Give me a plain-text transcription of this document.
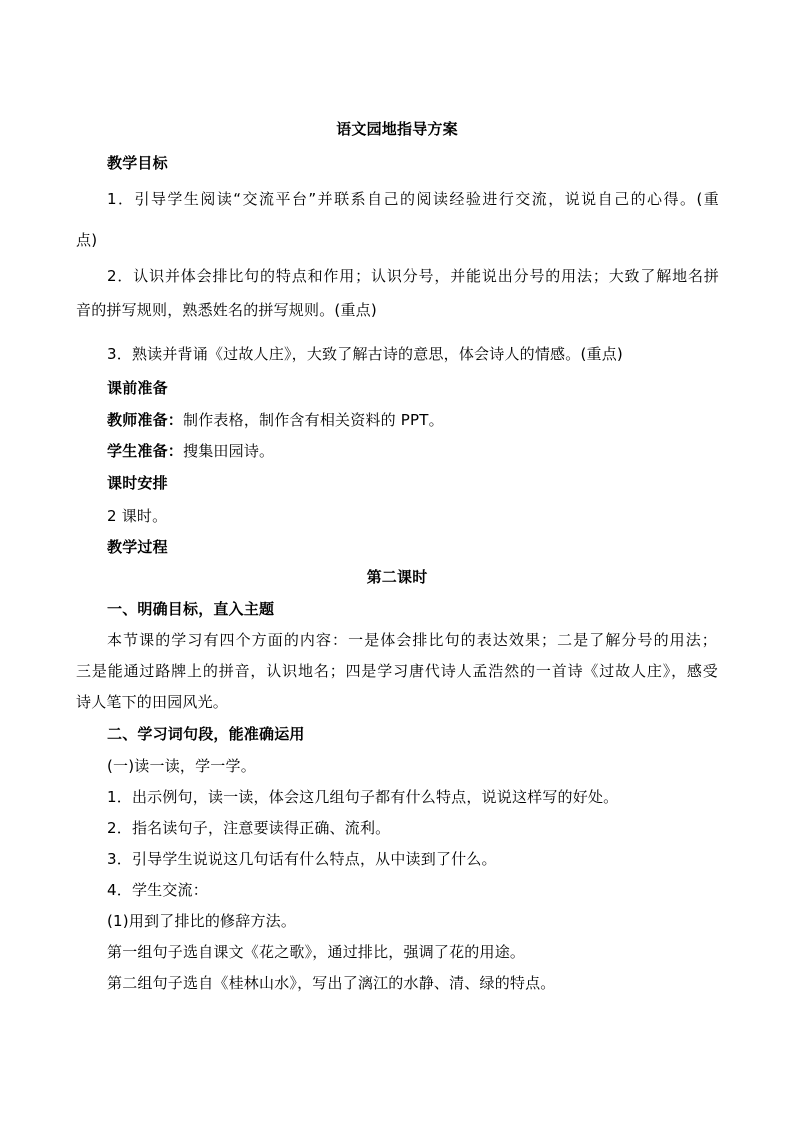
语文园地指导方案
教学目标
1．引导学生阅读“交流平台”并联系自己的阅读经验进行交流，说说自己的心得。(重
点)
2．认识并体会排比句的特点和作用；认识分号，并能说出分号的用法；大致了解地名拼
音的拼写规则，熟悉姓名的拼写规则。(重点)
3．熟读并背诵《过故人庄》，大致了解古诗的意思，体会诗人的情感。(重点)
课前准备
教师准备：制作表格，制作含有相关资料的 PPT。
学生准备：搜集田园诗。
课时安排
2 课时。
教学过程
第二课时
一、明确目标，直入主题
本节课的学习有四个方面的内容：一是体会排比句的表达效果；二是了解分号的用法；
三是能通过路牌上的拼音，认识地名；四是学习唐代诗人孟浩然的一首诗《过故人庄》，感受
诗人笔下的田园风光。
二、学习词句段，能准确运用
(一)读一读，学一学。
1．出示例句，读一读，体会这几组句子都有什么特点，说说这样写的好处。
2．指名读句子，注意要读得正确、流利。
3．引导学生说说这几句话有什么特点，从中读到了什么。
4．学生交流：
(1)用到了排比的修辞方法。
第一组句子选自课文《花之歌》，通过排比，强调了花的用途。
第二组句子选自《桂林山水》，写出了漓江的水静、清、绿的特点。
